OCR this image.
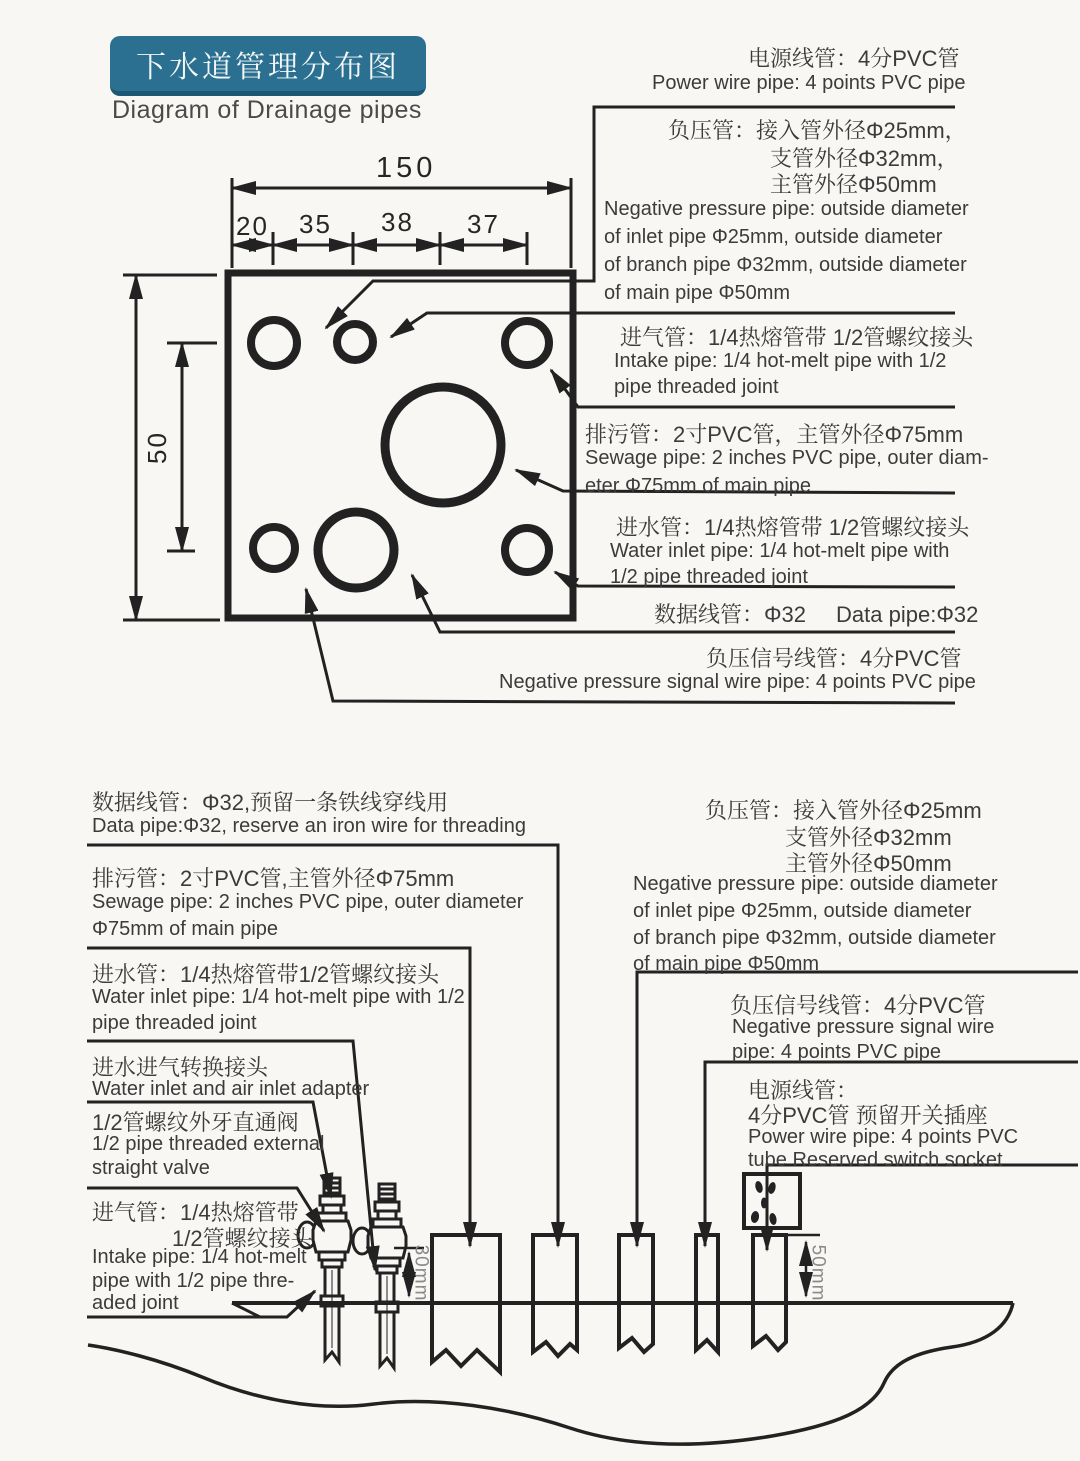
下水道管理分布图
Diagram of Drainage pipes
150
20 35 38 37
50
30mm	50mm
电源线管：4分PVC管
Power wire pipe: 4 points PVC pipe
负压管：接入管外径Φ25mm，
支管外径Φ32mm，
主管外径Φ50mm
Negative pressure pipe: outside diameter
of inlet pipe Φ25mm, outside diameter
of branch pipe Φ32mm, outside diameter
of main pipe Φ50mm
进气管：1/4热熔管带 1/2管螺纹接头
Intake pipe: 1/4 hot-melt pipe with 1/2
pipe threaded joint
排污管：2寸PVC管，主管外径Φ75mm
Sewage pipe: 2 inches PVC pipe, outer diam-
eter Φ75mm of main pipe
进水管：1/4热熔管带 1/2管螺纹接头
Water inlet pipe: 1/4 hot-melt pipe with
1/2 pipe threaded joint
数据线管：Φ32 Data pipe:Φ32
负压信号线管：4分PVC管
Negative pressure signal wire pipe: 4 points PVC pipe
数据线管：Φ32,预留一条铁线穿线用
Data pipe:Φ32, reserve an iron wire for threading
排污管：2寸PVC管,主管外径Φ75mm
Sewage pipe: 2 inches PVC pipe, outer diameter
Φ75mm of main pipe
进水管：1/4热熔管带1/2管螺纹接头
Water inlet pipe: 1/4 hot-melt pipe with 1/2
pipe threaded joint
进水进气转换接头
Water inlet and air inlet adapter
1/2管螺纹外牙直通阀
1/2 pipe threaded external
straight valve
进气管：1/4热熔管带
1/2管螺纹接头
Intake pipe: 1/4 hot-melt
pipe with 1/2 pipe thre-
aded joint
负压管：接入管外径Φ25mm
支管外径Φ32mm
主管外径Φ50mm
Negative pressure pipe: outside diameter
of inlet pipe Φ25mm, outside diameter
of branch pipe Φ32mm, outside diameter
of main pipe Φ50mm
负压信号线管：4分PVC管
Negative pressure signal wire
pipe: 4 points PVC pipe
电源线管：
4分PVC管 预留开关插座
Power wire pipe: 4 points PVC
tube Reserved switch socket
